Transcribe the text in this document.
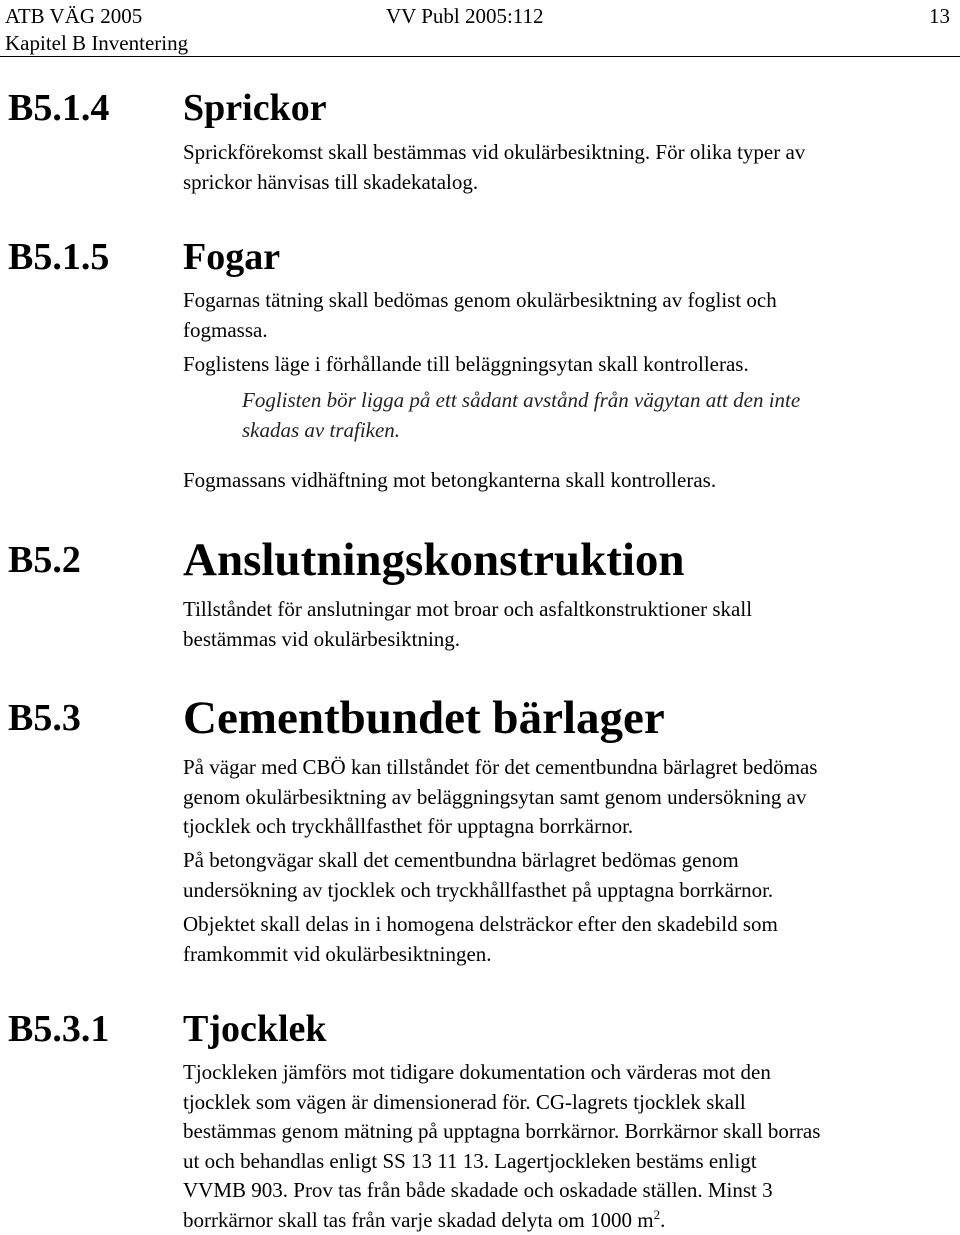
ATB VÄG 2005	VV Publ 2005:112	13
Kapitel B Inventering
B5.1.4 Sprickor
Sprickförekomst skall bestämmas vid okulärbesiktning. För olika typer av
sprickor hänvisas till skadekatalog.
B5.1.5 Fogar
Fogarnas tätning skall bedömas genom okulärbesiktning av foglist och
fogmassa.
Foglistens läge i förhållande till beläggningsytan skall kontrolleras.
Foglisten bör ligga på ett sådant avstånd från vägytan att den inte
skadas av trafiken.
Fogmassans vidhäftning mot betongkanterna skall kontrolleras.
B5.2 Anslutningskonstruktion
Tillståndet för anslutningar mot broar och asfaltkonstruktioner skall
bestämmas vid okulärbesiktning.
B5.3 Cementbundet bärlager
På vägar med CBÖ kan tillståndet för det cementbundna bärlagret bedömas
genom okulärbesiktning av beläggningsytan samt genom undersökning av
tjocklek och tryckhållfasthet för upptagna borrkärnor.
På betongvägar skall det cementbundna bärlagret bedömas genom
undersökning av tjocklek och tryckhållfasthet på upptagna borrkärnor.
Objektet skall delas in i homogena delsträckor efter den skadebild som
framkommit vid okulärbesiktningen.
B5.3.1 Tjocklek
Tjockleken jämförs mot tidigare dokumentation och värderas mot den
tjocklek som vägen är dimensionerad för. CG-lagrets tjocklek skall
bestämmas genom mätning på upptagna borrkärnor. Borrkärnor skall borras
ut och behandlas enligt SS 13 11 13. Lagertjockleken bestäms enligt
VVMB 903. Prov tas från både skadade och oskadade ställen. Minst 3
borrkärnor skall tas från varje skadad delyta om 1000 $m^2$.
